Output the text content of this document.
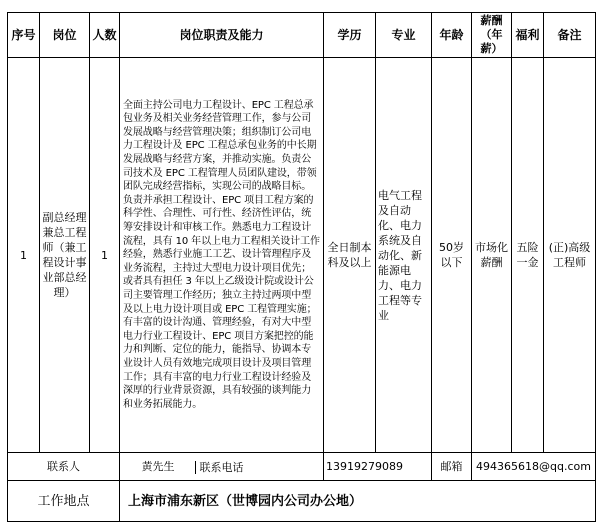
序号	岗位	人数	岗位职责及能力	学历	专业	年龄	薪酬（年薪）	福利	备注
1	副总经理兼总工程师（兼工程设计事业部总经理）	1	全面主持公司电力工程设计、EPC 工程总承包业务及相关业务经营管理工作，参与公司发展战略与经营管理决策；组织制订公司电力工程设计及 EPC 工程总承包业务的中长期发展战略与经营方案，并推动实施。负责公司技术及 EPC 工程管理人员团队建设，带领团队完成经营指标，实现公司的战略目标。负责并承担工程设计、EPC 项目工程方案的科学性、合理性、可行性、经济性评估，统筹安排设计和审核工作。熟悉电力工程设计流程，具有 10 年以上电力工程相关设计工作经验，熟悉行业施工工艺、设计管理程序及业务流程，主持过大型电力设计项目优先；或者具有担任 3 年以上乙级设计院或设计公司主要管理工作经历；独立主持过两项中型及以上电力设计项目或 EPC 工程管理实施；有丰富的设计沟通、管理经验，有对大中型电力行业工程设计、EPC 项目方案把控的能力和判断、定位的能力，能指导、协调本专业设计人员有效地完成项目设计及项目管理工作；具有丰富的电力行业工程设计经验及深厚的行业背景资源，具有较强的谈判能力和业务拓展能力。	全日制本科及以上	电气工程及自动化、电力系统及自动化、新能源电力、电力工程等专业	50岁以下	市场化薪酬	五险一金	(正)高级工程师
联系人			黄先生 联系电话	13919279089		邮箱	494365618@qq.com		
工作地点			上海市浦东新区（世博园内公司办公地）						
